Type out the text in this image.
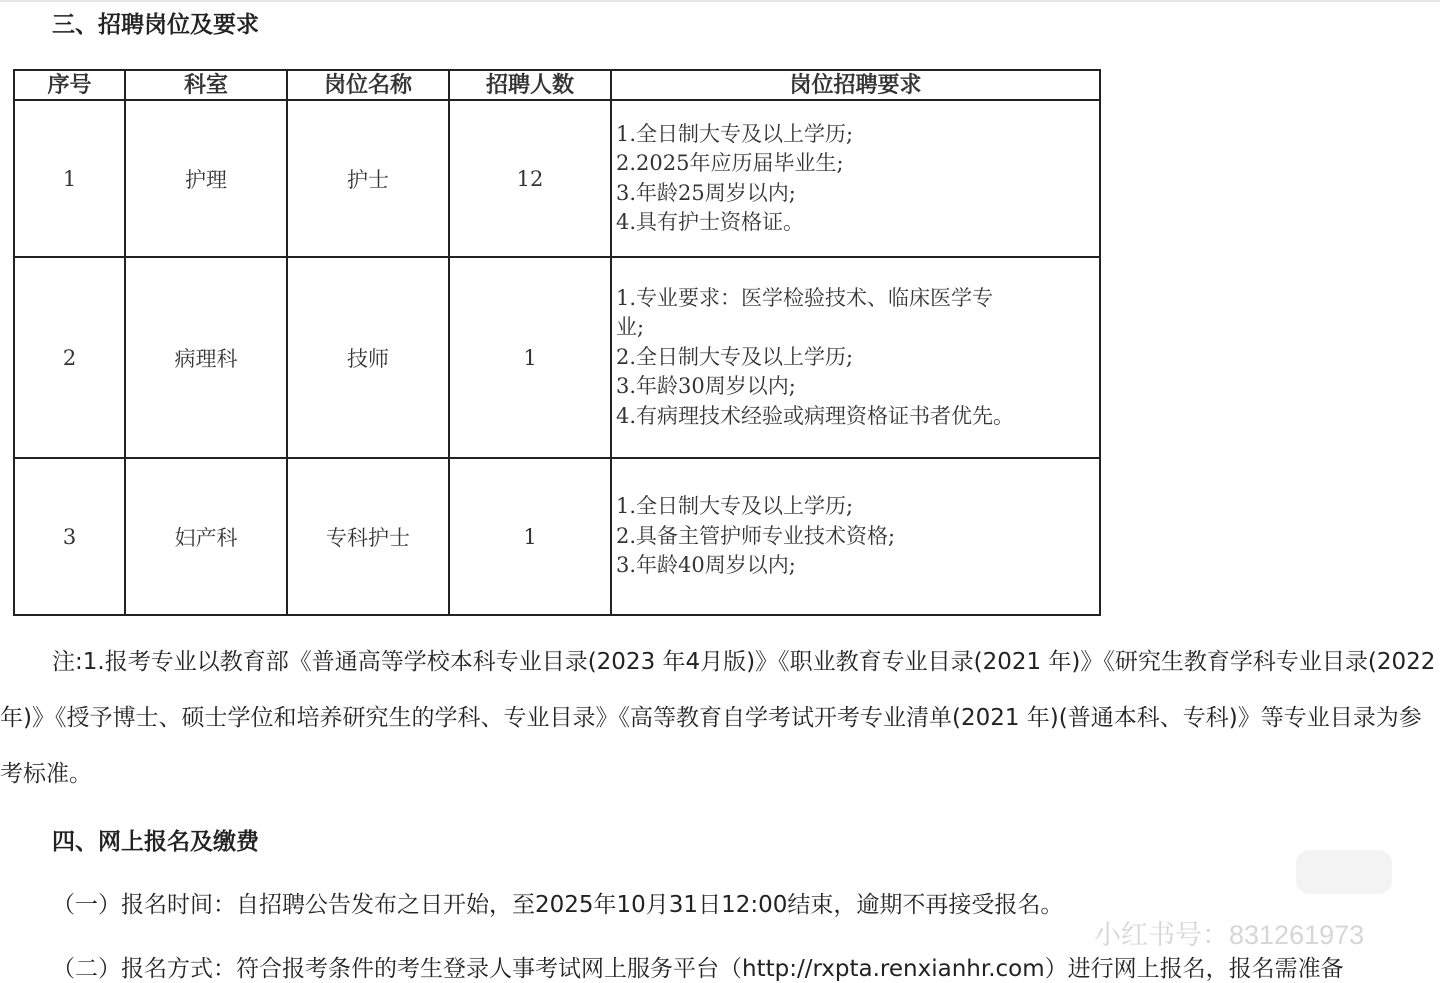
三、招聘岗位及要求
序号	科室	岗位名称	招聘人数	岗位招聘要求
1	护理	护士	12	1.全日制大专及以上学历;
2.2025年应历届毕业生;
3.年龄25周岁以内;
4.具有护士资格证。

2	病理科	技师	1	1.专业要求：医学检验技术、临床医学专
业;
2.全日制大专及以上学历;
3.年龄30周岁以内;
4.有病理技术经验或病理资格证书者优先。

3	妇产科	专科护士	1	1.全日制大专及以上学历;
2.具备主管护师专业技术资格;
3.年龄40周岁以内;

注:1.报考专业以教育部《普通高等学校本科专业目录(2023 年4月版)》《职业教育专业目录(2021 年)》《研究生教育学科专业目录(2022 年)》《授予博士、硕士学位和培养研究生的学科、专业目录》《高等教育自学考试开考专业清单(2021 年)(普通本科、专科)》等专业目录为参考标准。

四、网上报名及缴费

（一）报名时间：自招聘公告发布之日开始，至2025年10月31日12:00结束，逾期不再接受报名。

（二）报名方式：符合报考条件的考生登录人事考试网上服务平台（http://rxpta.renxianhr.com）进行网上报名，报名需准备

小红书号：831261973
